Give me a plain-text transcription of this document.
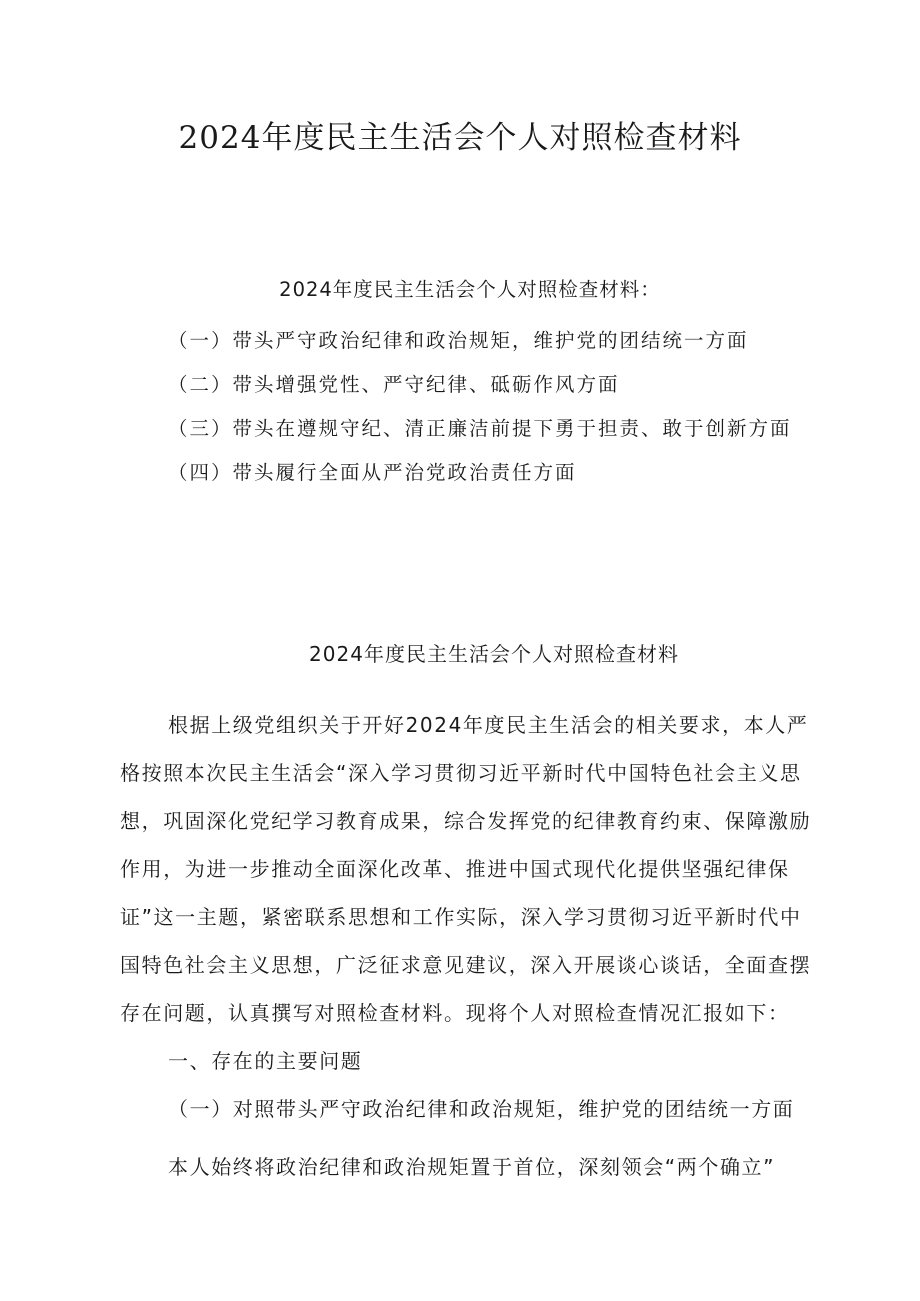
2024年度民主生活会个人对照检查材料

2024年度民主生活会个人对照检查材料：

（一）带头严守政治纪律和政治规矩，维护党的团结统一方面

（二）带头增强党性、严守纪律、砥砺作风方面

（三）带头在遵规守纪、清正廉洁前提下勇于担责、敢于创新方面

（四）带头履行全面从严治党政治责任方面

2024年度民主生活会个人对照检查材料

根据上级党组织关于开好2024年度民主生活会的相关要求，本人严格按照本次民主生活会“深入学习贯彻习近平新时代中国特色社会主义思想，巩固深化党纪学习教育成果，综合发挥党的纪律教育约束、保障激励作用，为进一步推动全面深化改革、推进中国式现代化提供坚强纪律保证”这一主题，紧密联系思想和工作实际，深入学习贯彻习近平新时代中国特色社会主义思想，广泛征求意见建议，深入开展谈心谈话，全面查摆存在问题，认真撰写对照检查材料。现将个人对照检查情况汇报如下：

一、存在的主要问题

（一）对照带头严守政治纪律和政治规矩，维护党的团结统一方面

本人始终将政治纪律和政治规矩置于首位，深刻领会“两个确立”
